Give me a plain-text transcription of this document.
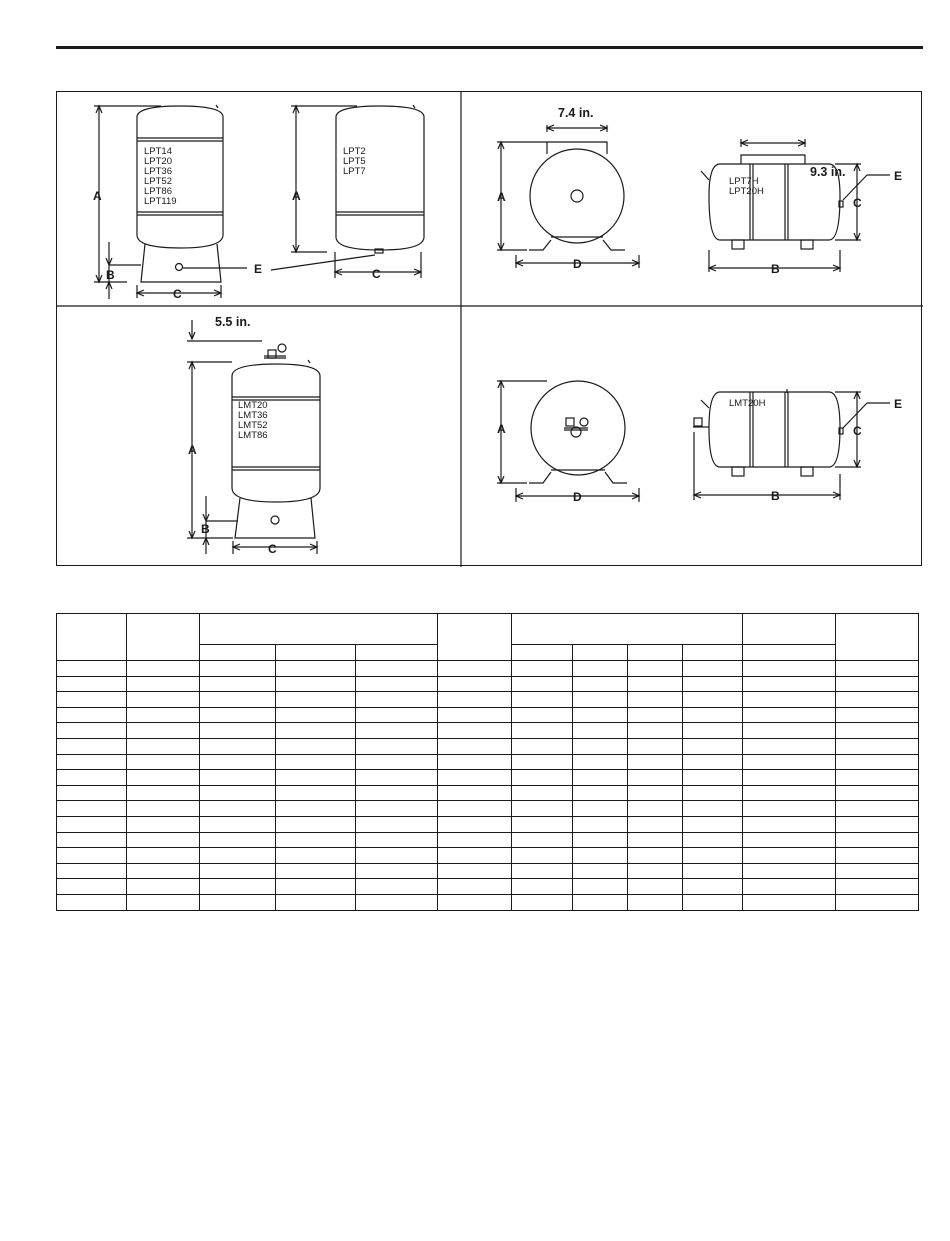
LPT14
LPT20
LPT36
LPT52
LPT86
LPT119
A
B
C
E
LPT2
LPT5
LPT7
A
C
7.4 in.
A
D
LPT7H
LPT20H
9.3 in.
B
C
E
LMT20
LMT36
LMT52
LMT86
5.5 in.
A
B
C
A
D
LMT20H
B
C
E
